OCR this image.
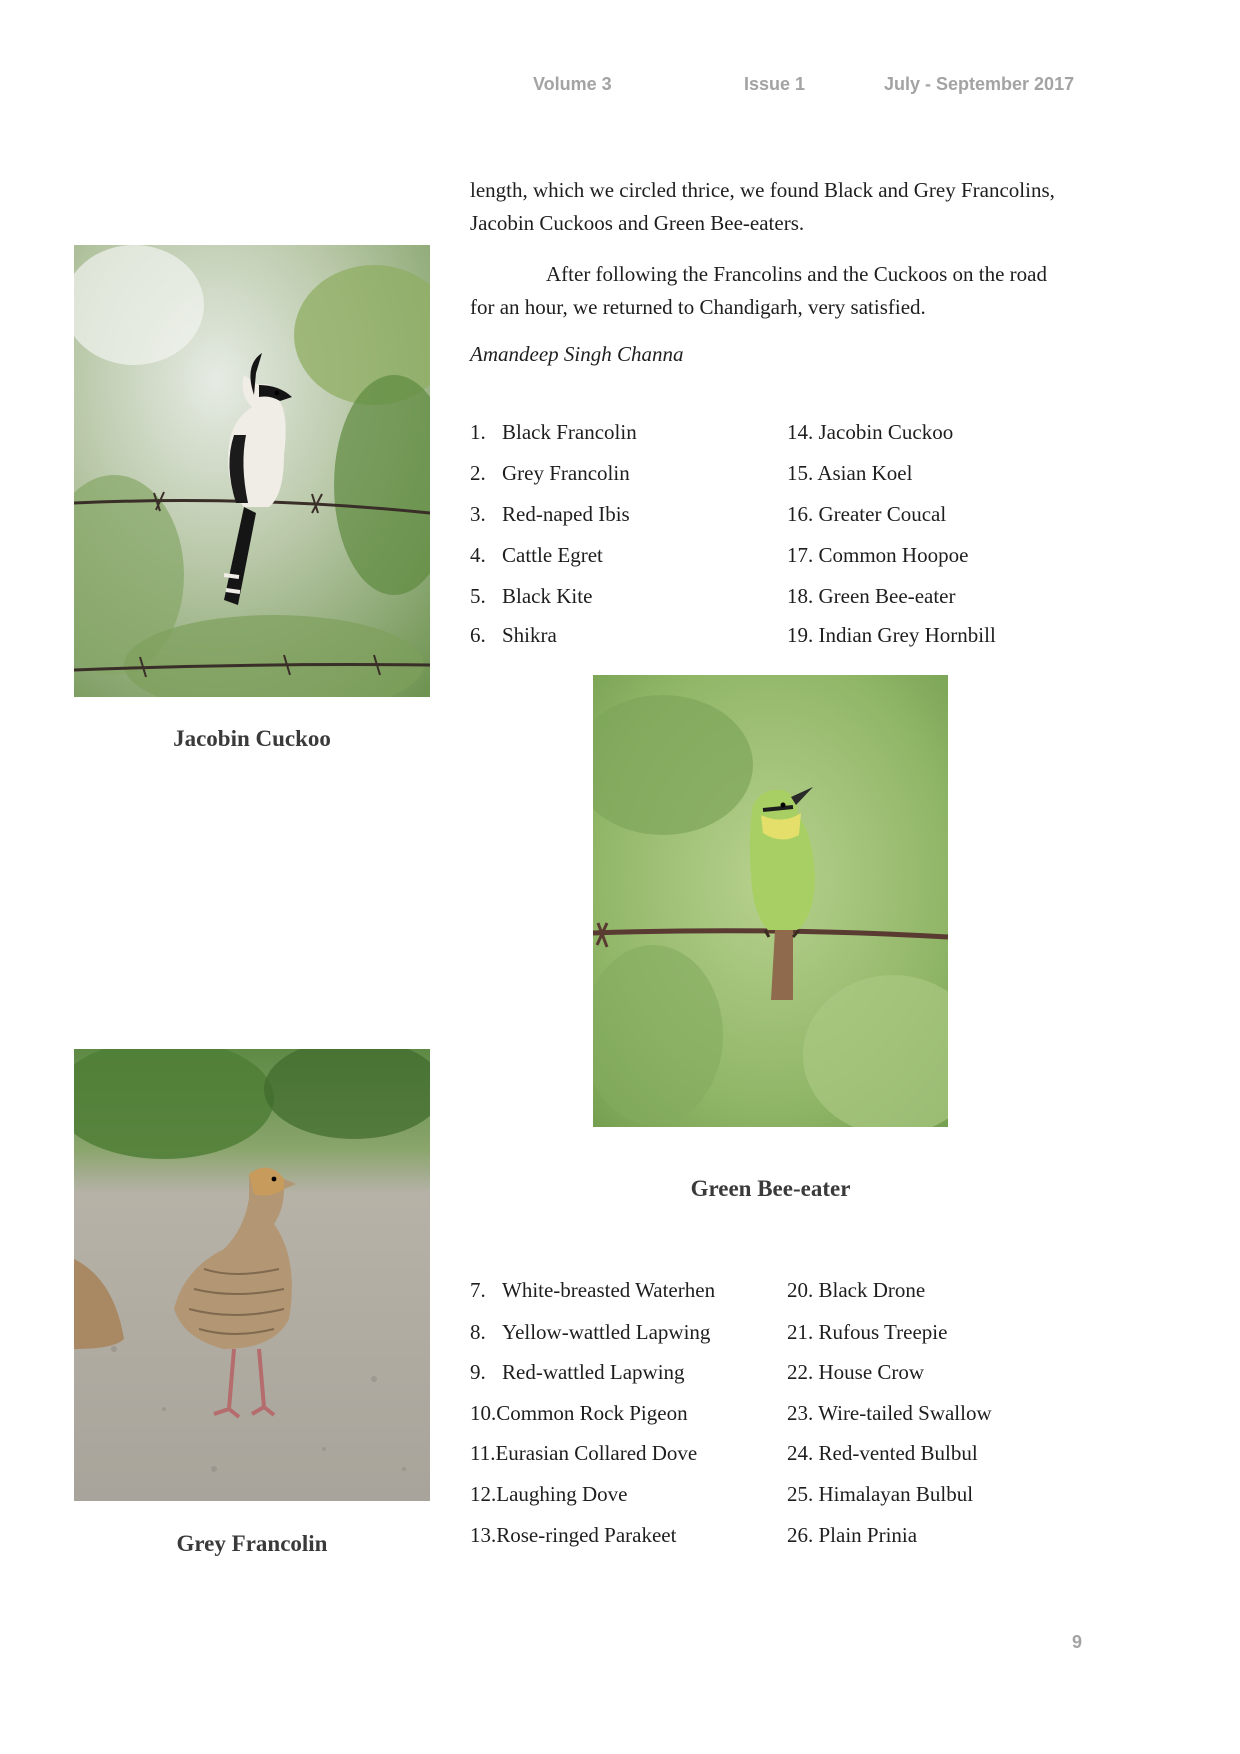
Volume 3	Issue 1	July - September 2017

length, which we circled thrice, we found Black and Grey Francolins, Jacobin Cuckoos and Green Bee-eaters.

After following the Francolins and the Cuckoos on the road for an hour, we returned to Chandigarh, very satisfied.

Amandeep Singh Channa

1. Black Francolin
2. Grey Francolin
3. Red-naped Ibis
4. Cattle Egret
5. Black Kite
6. Shikra
14. Jacobin Cuckoo
15. Asian Koel
16. Greater Coucal
17. Common Hoopoe
18. Green Bee-eater
19. Indian Grey Hornbill
Jacobin Cuckoo
Green Bee-eater
Grey Francolin
7. White-breasted Waterhen
8. Yellow-wattled Lapwing
9. Red-wattled Lapwing
10.Common Rock Pigeon
11.Eurasian Collared Dove
12.Laughing Dove
13.Rose-ringed Parakeet
20. Black Drone
21. Rufous Treepie
22. House Crow
23. Wire-tailed Swallow
24. Red-vented Bulbul
25. Himalayan Bulbul
26. Plain Prinia
9
